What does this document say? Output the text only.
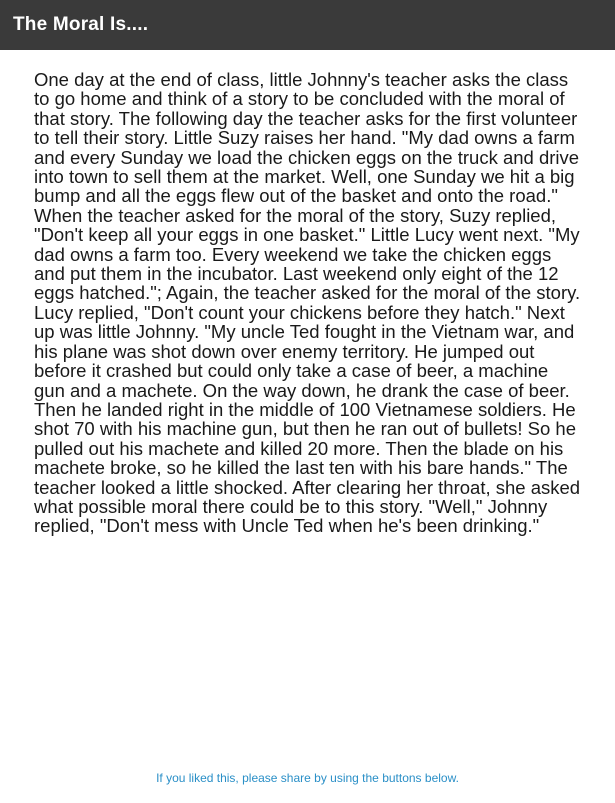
The Moral Is....

One day at the end of class, little Johnny's teacher asks the class to go home and think of a story to be concluded with the moral of that story. The following day the teacher asks for the first volunteer to tell their story. Little Suzy raises her hand. "My dad owns a farm and every Sunday we load the chicken eggs on the truck and drive into town to sell them at the market. Well, one Sunday we hit a big bump and all the eggs flew out of the basket and onto the road." When the teacher asked for the moral of the story, Suzy replied, "Don't keep all your eggs in one basket." Little Lucy went next. "My dad owns a farm too. Every weekend we take the chicken eggs and put them in the incubator. Last weekend only eight of the 12 eggs hatched."; Again, the teacher asked for the moral of the story. Lucy replied, "Don't count your chickens before they hatch." Next up was little Johnny. "My uncle Ted fought in the Vietnam war, and his plane was shot down over enemy territory. He jumped out before it crashed but could only take a case of beer, a machine gun and a machete. On the way down, he drank the case of beer. Then he landed right in the middle of 100 Vietnamese soldiers. He shot 70 with his machine gun, but then he ran out of bullets! So he pulled out his machete and killed 20 more. Then the blade on his machete broke, so he killed the last ten with his bare hands." The teacher looked a little shocked. After clearing her throat, she asked what possible moral there could be to this story. "Well," Johnny replied, "Don't mess with Uncle Ted when he's been drinking."

If you liked this, please share by using the buttons below.
